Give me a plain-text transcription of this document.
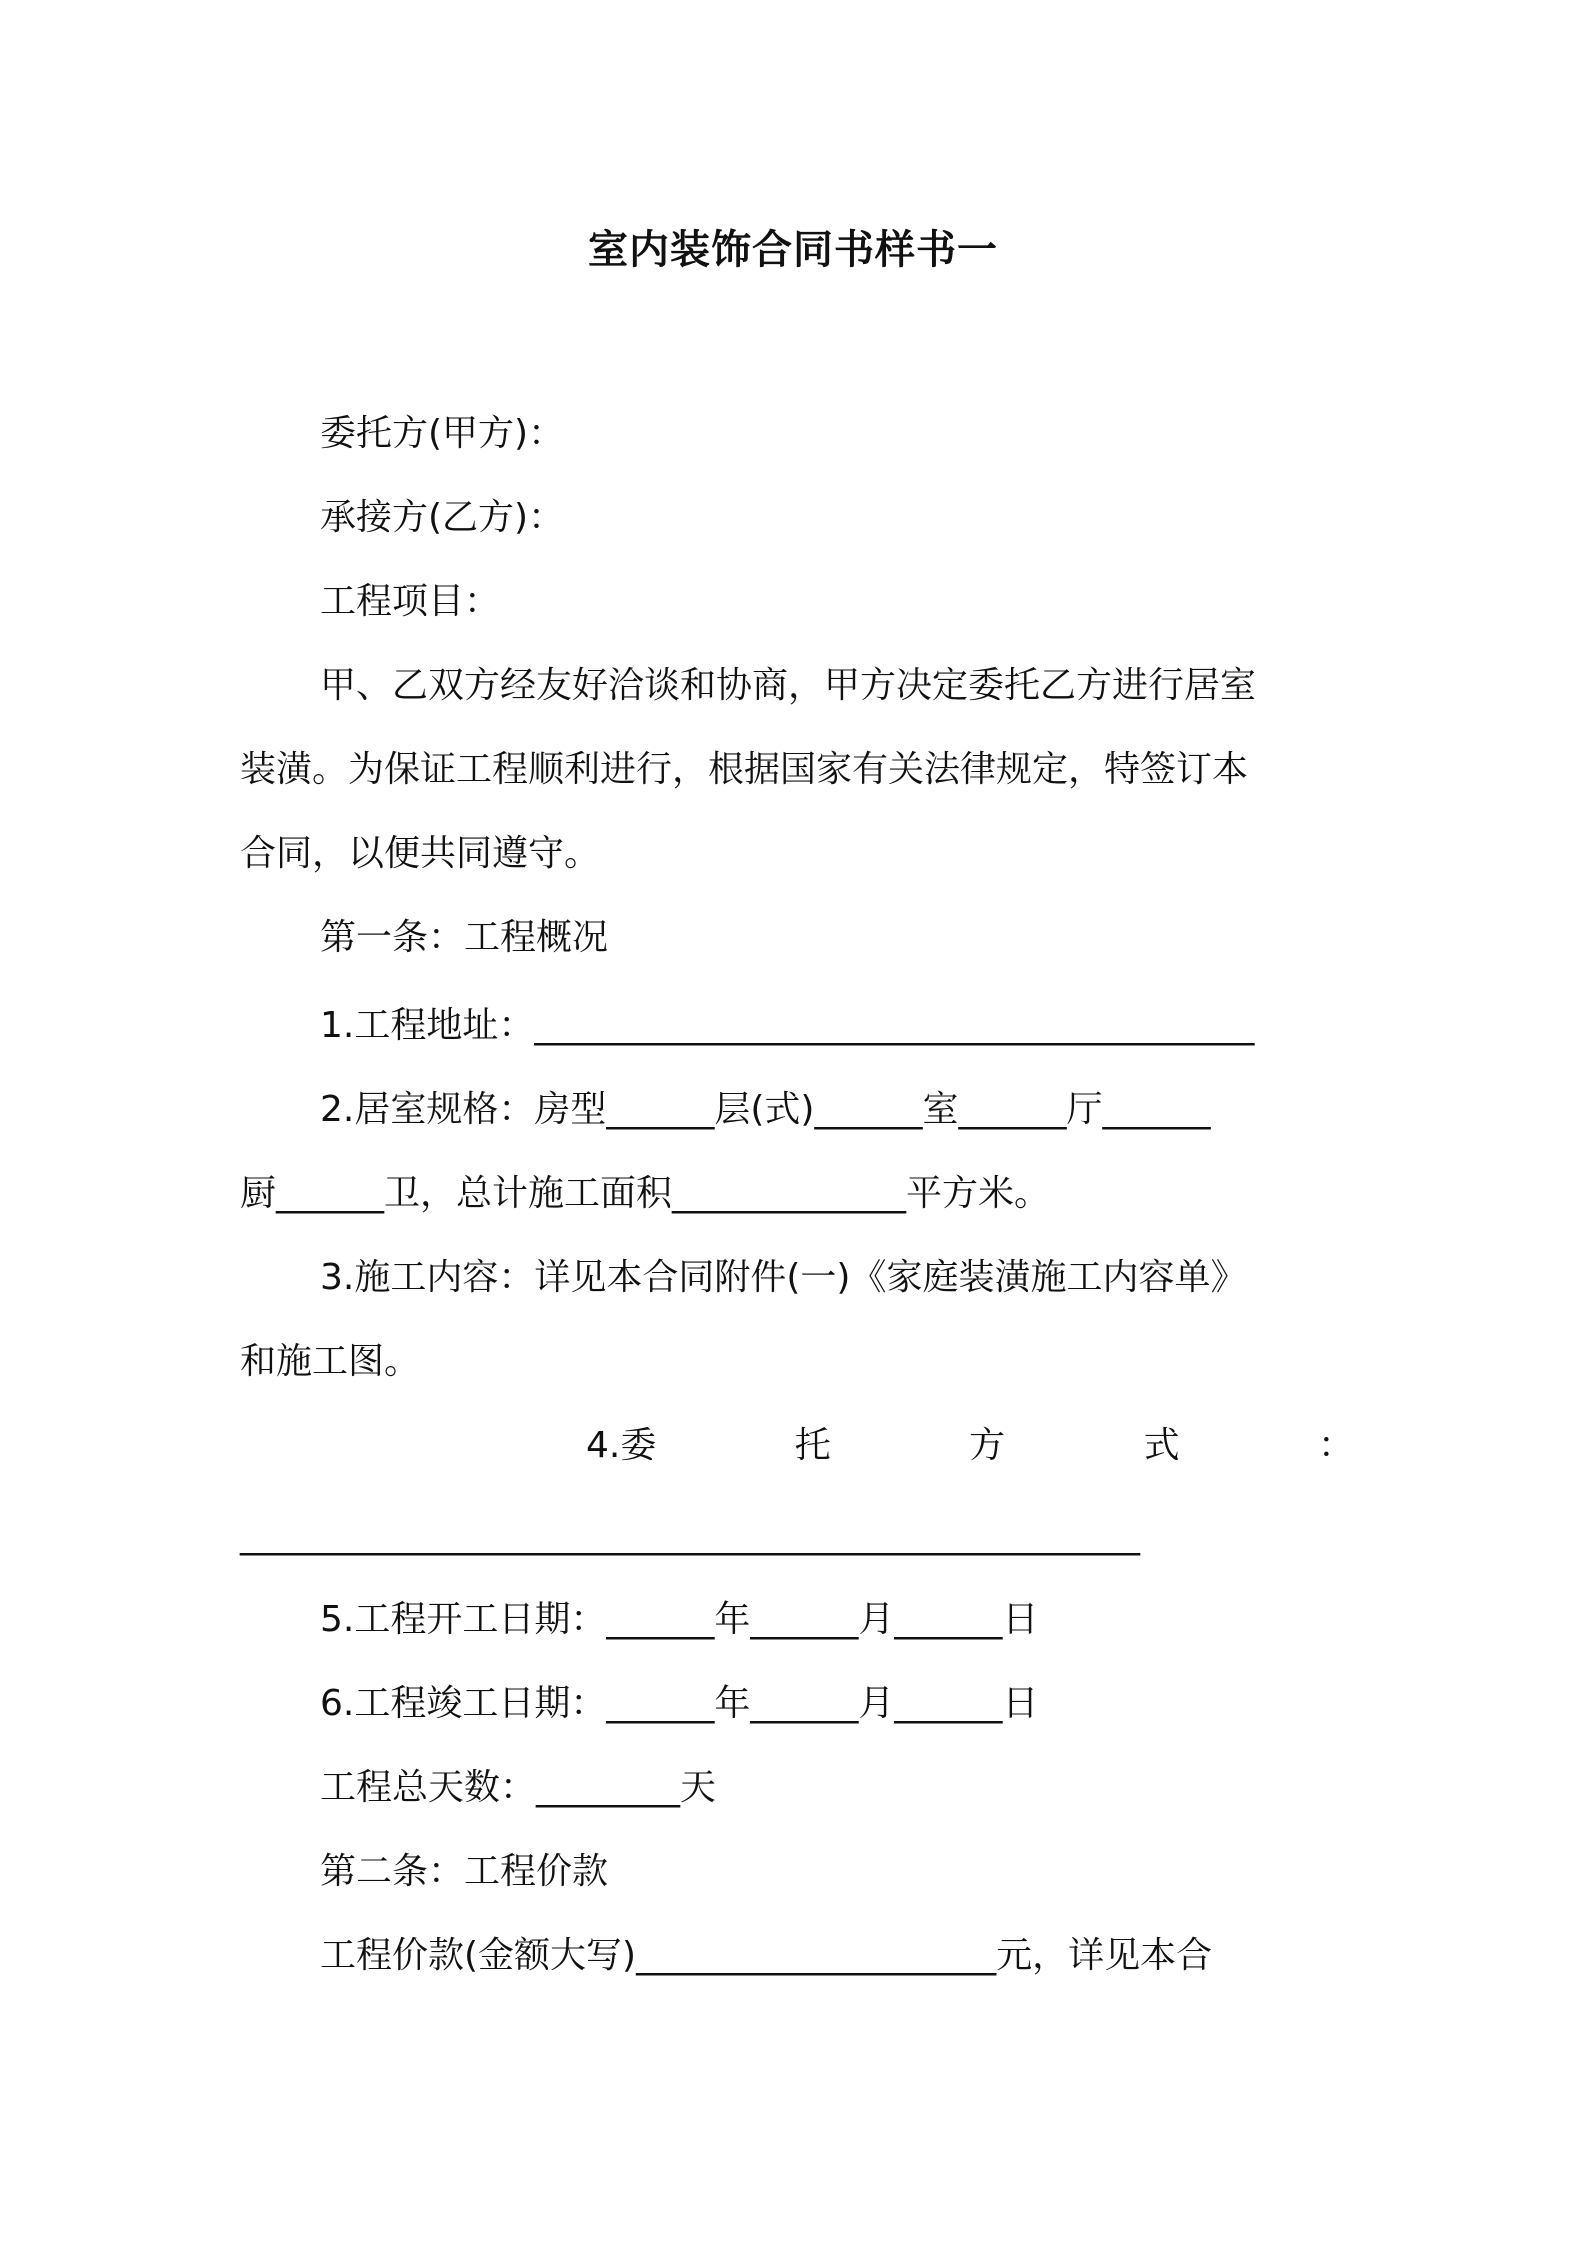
室内装饰合同书样书一
委托方(甲方)：
承接方(乙方)：
工程项目：
甲、乙双方经友好洽谈和协商，甲方决定委托乙方进行居室
装潢。为保证工程顺利进行，根据国家有关法律规定，特签订本
合同，以便共同遵守。
第一条：工程概况
1.工程地址：________________________________________
2.居室规格：房型______层(式)______室______厅______
厨______卫，总计施工面积_____________平方米。
3.施工内容：详见本合同附件(一)《家庭装潢施工内容单》
和施工图。
4.委	托	方	式	：
__________________________________________________
5.工程开工日期：______年______月______日
6.工程竣工日期：______年______月______日
工程总天数：________天
第二条：工程价款
工程价款(金额大写)____________________元，详见本合
